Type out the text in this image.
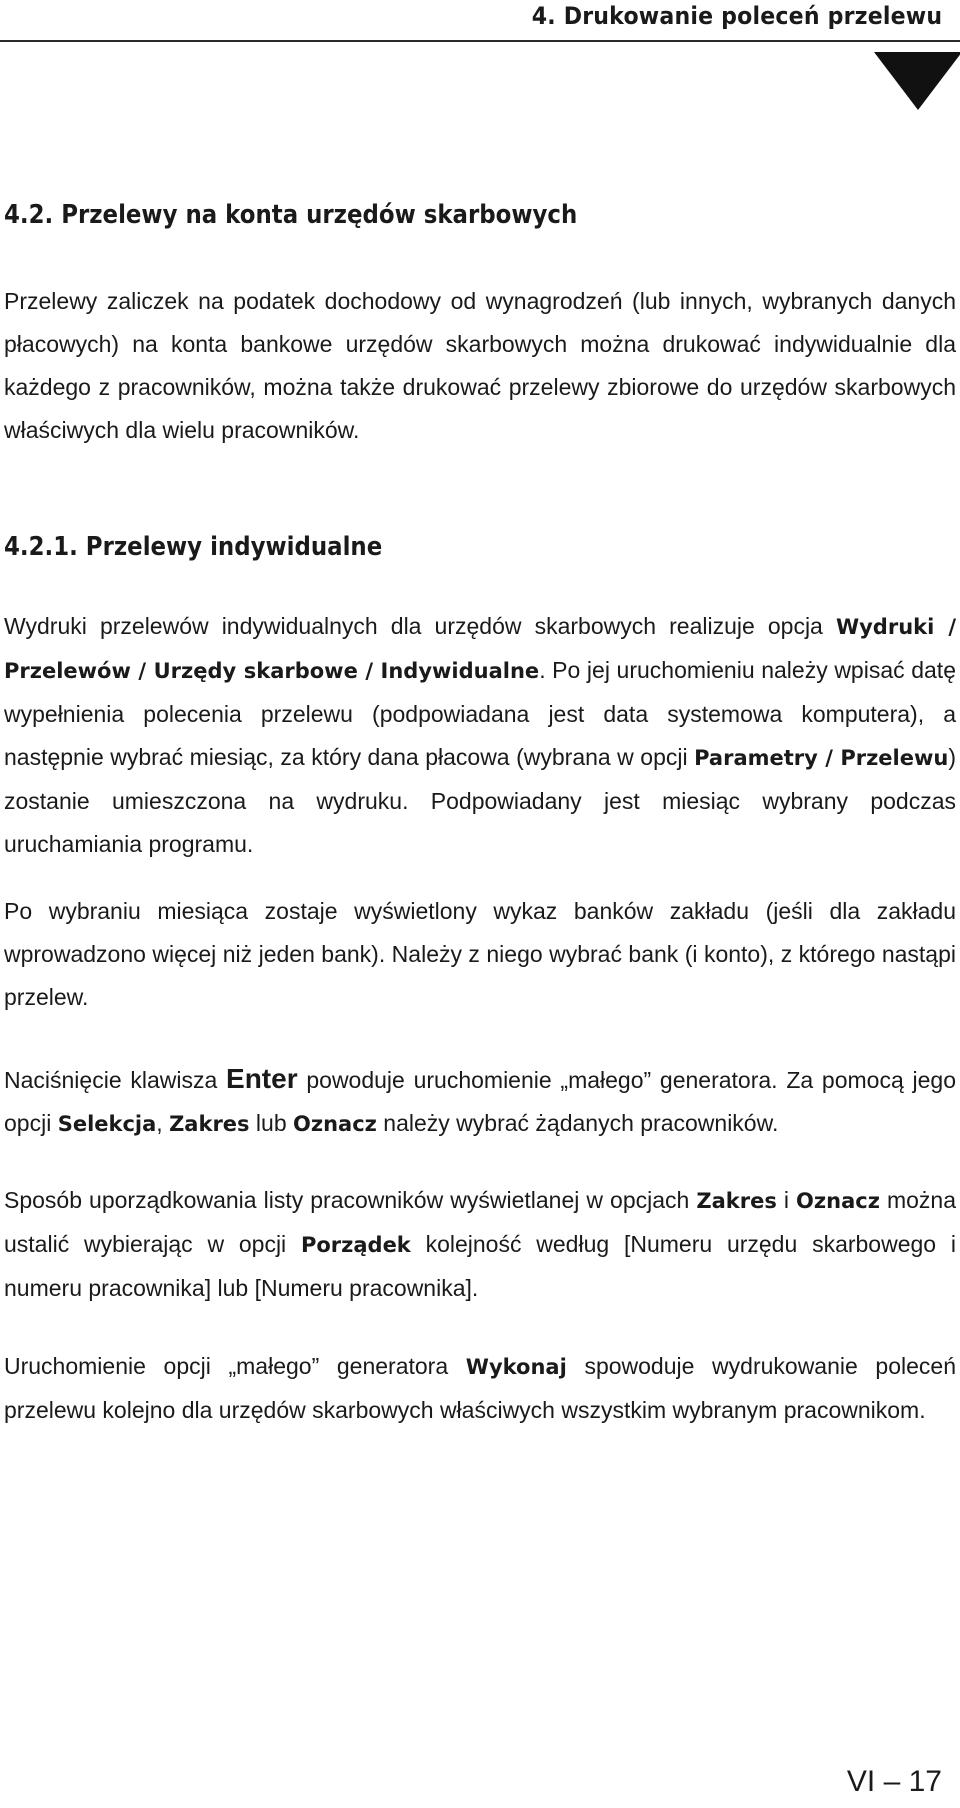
4. Drukowanie poleceń przelewu
4.2. Przelewy na konta urzędów skarbowych

Przelewy zaliczek na podatek dochodowy od wynagrodzeń (lub innych, wybranych danych płacowych) na konta bankowe urzędów skarbowych można drukować indywidualnie dla każdego z pracowników, można także drukować przelewy zbiorowe do urzędów skarbowych właściwych dla wielu pracowników.

4.2.1. Przelewy indywidualne

Wydruki przelewów indywidualnych dla urzędów skarbowych realizuje opcja Wydruki / Przelewów / Urzędy skarbowe / Indywidualne. Po jej uruchomieniu należy wpisać datę wypełnienia polecenia przelewu (podpowiadana jest data systemowa komputera), a następnie wybrać miesiąc, za który dana płacowa (wybrana w opcji Parametry / Przelewu) zostanie umieszczona na wydruku. Podpowiadany jest miesiąc wybrany podczas uruchamiania programu.

Po wybraniu miesiąca zostaje wyświetlony wykaz banków zakładu (jeśli dla zakładu wprowadzono więcej niż jeden bank). Należy z niego wybrać bank (i konto), z którego nastąpi przelew.

Naciśnięcie klawisza Enter powoduje uruchomienie „małego” generatora. Za pomocą jego opcji Selekcja, Zakres lub Oznacz należy wybrać żądanych pracowników.

Sposób uporządkowania listy pracowników wyświetlanej w opcjach Zakres i Oznacz można ustalić wybierając w opcji Porządek kolejność według [Numeru urzędu skarbowego i numeru pracownika] lub [Numeru pracownika].

Uruchomienie opcji „małego” generatora Wykonaj spowoduje wydrukowanie poleceń przelewu kolejno dla urzędów skarbowych właściwych wszystkim wybranym pracownikom.

VI – 17
